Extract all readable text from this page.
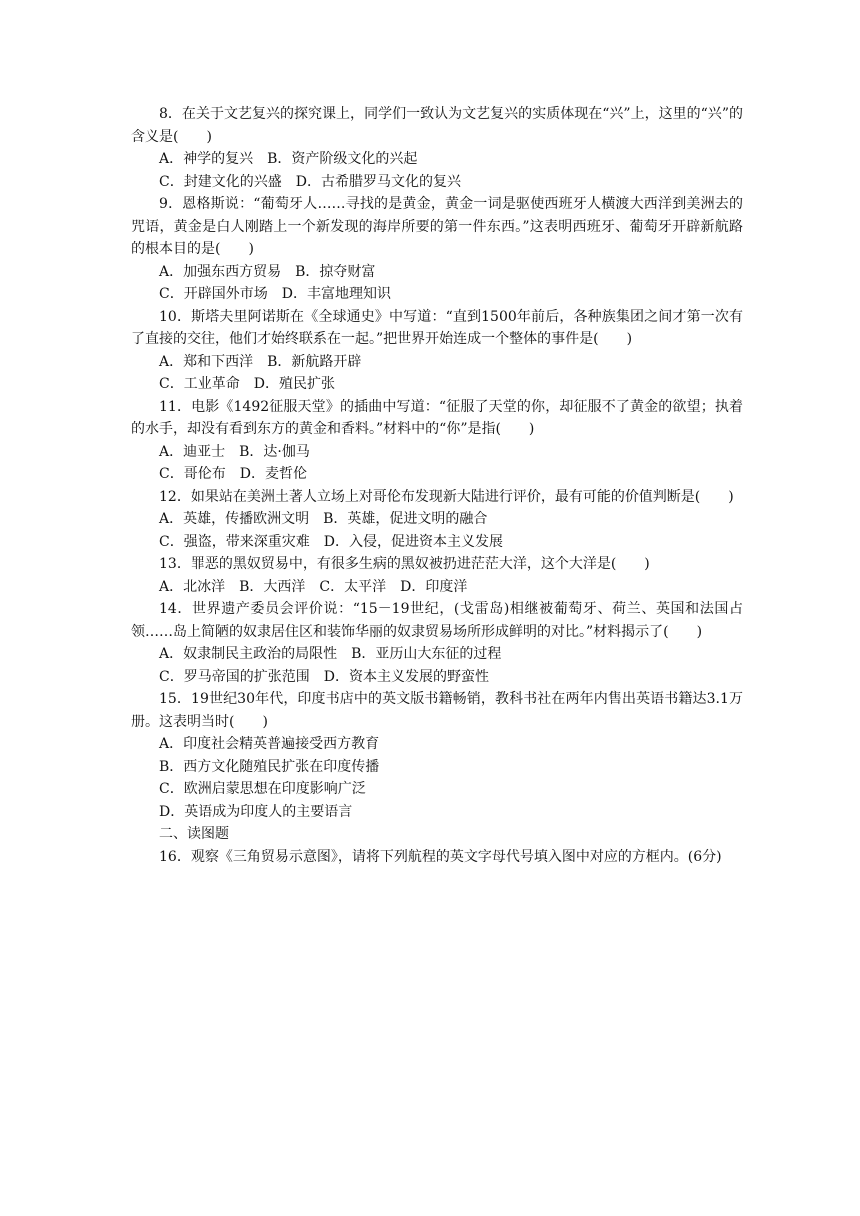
8．在关于文艺复兴的探究课上，同学们一致认为文艺复兴的实质体现在“兴”上，这里的“兴”的含义是(　　)

A．神学的复兴 B．资产阶级文化的兴起

C．封建文化的兴盛 D．古希腊罗马文化的复兴

9．恩格斯说：“葡萄牙人……寻找的是黄金，黄金一词是驱使西班牙人横渡大西洋到美洲去的咒语，黄金是白人刚踏上一个新发现的海岸所要的第一件东西。”这表明西班牙、葡萄牙开辟新航路的根本目的是(　　)

A．加强东西方贸易 B．掠夺财富

C．开辟国外市场 D．丰富地理知识

10．斯塔夫里阿诺斯在《全球通史》中写道：“直到1500年前后，各种族集团之间才第一次有了直接的交往，他们才始终联系在一起。”把世界开始连成一个整体的事件是(　　)

A．郑和下西洋 B．新航路开辟

C．工业革命 D．殖民扩张

11．电影《1492征服天堂》的插曲中写道：“征服了天堂的你，却征服不了黄金的欲望；执着的水手，却没有看到东方的黄金和香料。”材料中的“你”是指(　　)

A．迪亚士 B．达·伽马

C．哥伦布 D．麦哲伦

12．如果站在美洲土著人立场上对哥伦布发现新大陆进行评价，最有可能的价值判断是(　　)

A．英雄，传播欧洲文明 B．英雄，促进文明的融合

C．强盗，带来深重灾难 D．入侵，促进资本主义发展

13．罪恶的黑奴贸易中，有很多生病的黑奴被扔进茫茫大洋，这个大洋是(　　)

A．北冰洋 B．大西洋 C．太平洋 D．印度洋

14．世界遗产委员会评价说：“15－19世纪，(戈雷岛)相继被葡萄牙、荷兰、英国和法国占领……岛上简陋的奴隶居住区和装饰华丽的奴隶贸易场所形成鲜明的对比。”材料揭示了(　　)

A．奴隶制民主政治的局限性 B．亚历山大东征的过程

C．罗马帝国的扩张范围 D．资本主义发展的野蛮性

15．19世纪30年代，印度书店中的英文版书籍畅销，教科书社在两年内售出英语书籍达3.1万册。这表明当时(　　)

A．印度社会精英普遍接受西方教育

B．西方文化随殖民扩张在印度传播

C．欧洲启蒙思想在印度影响广泛

D．英语成为印度人的主要语言

二、读图题

16．观察《三角贸易示意图》，请将下列航程的英文字母代号填入图中对应的方框内。(6分)
